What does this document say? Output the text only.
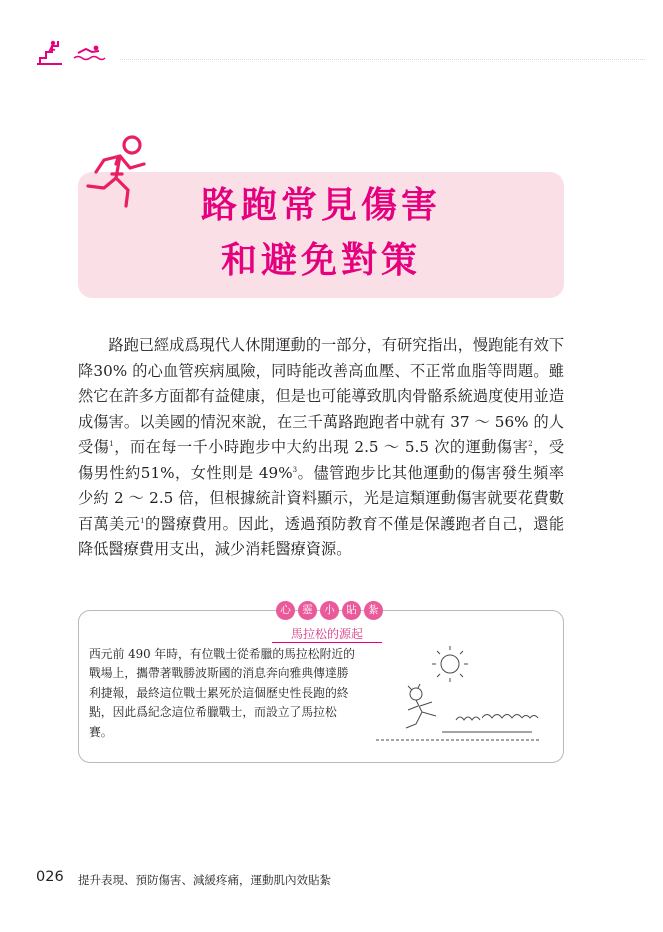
路跑常見傷害
和避免對策

路跑已經成爲現代人休閒運動的一部分，有研究指出，慢跑能有效下降30% 的心血管疾病風險，同時能改善高血壓、不正常血脂等問題。雖然它在許多方面都有益健康，但是也可能導致肌肉骨骼系統過度使用並造成傷害。以美國的情況來說，在三千萬路跑跑者中就有 37 ～ 56% 的人受傷$^1$，而在每一千小時跑步中大約出現 2.5 ～ 5.5 次的運動傷害$^2$，受傷男性約51%，女性則是 49%$^3$。儘管跑步比其他運動的傷害發生頻率少約 2 ～ 2.5 倍，但根據統計資料顯示，光是這類運動傷害就要花費數百萬美元$^1$的醫療費用。因此，透過預防教育不僅是保護跑者自己，還能降低醫療費用支出，減少消耗醫療資源。

心	靈	小	貼	紮
馬拉松的源起

西元前 490 年時，有位戰士從希臘的馬拉松附近的戰場上，攜帶著戰勝波斯國的消息奔向雅典傳達勝利捷報，最終這位戰士累死於這個歷史性長跑的終點，因此爲紀念這位希臘戰士，而設立了馬拉松賽。

026 提升表現、預防傷害、減緩疼痛，運動肌內效貼紮
